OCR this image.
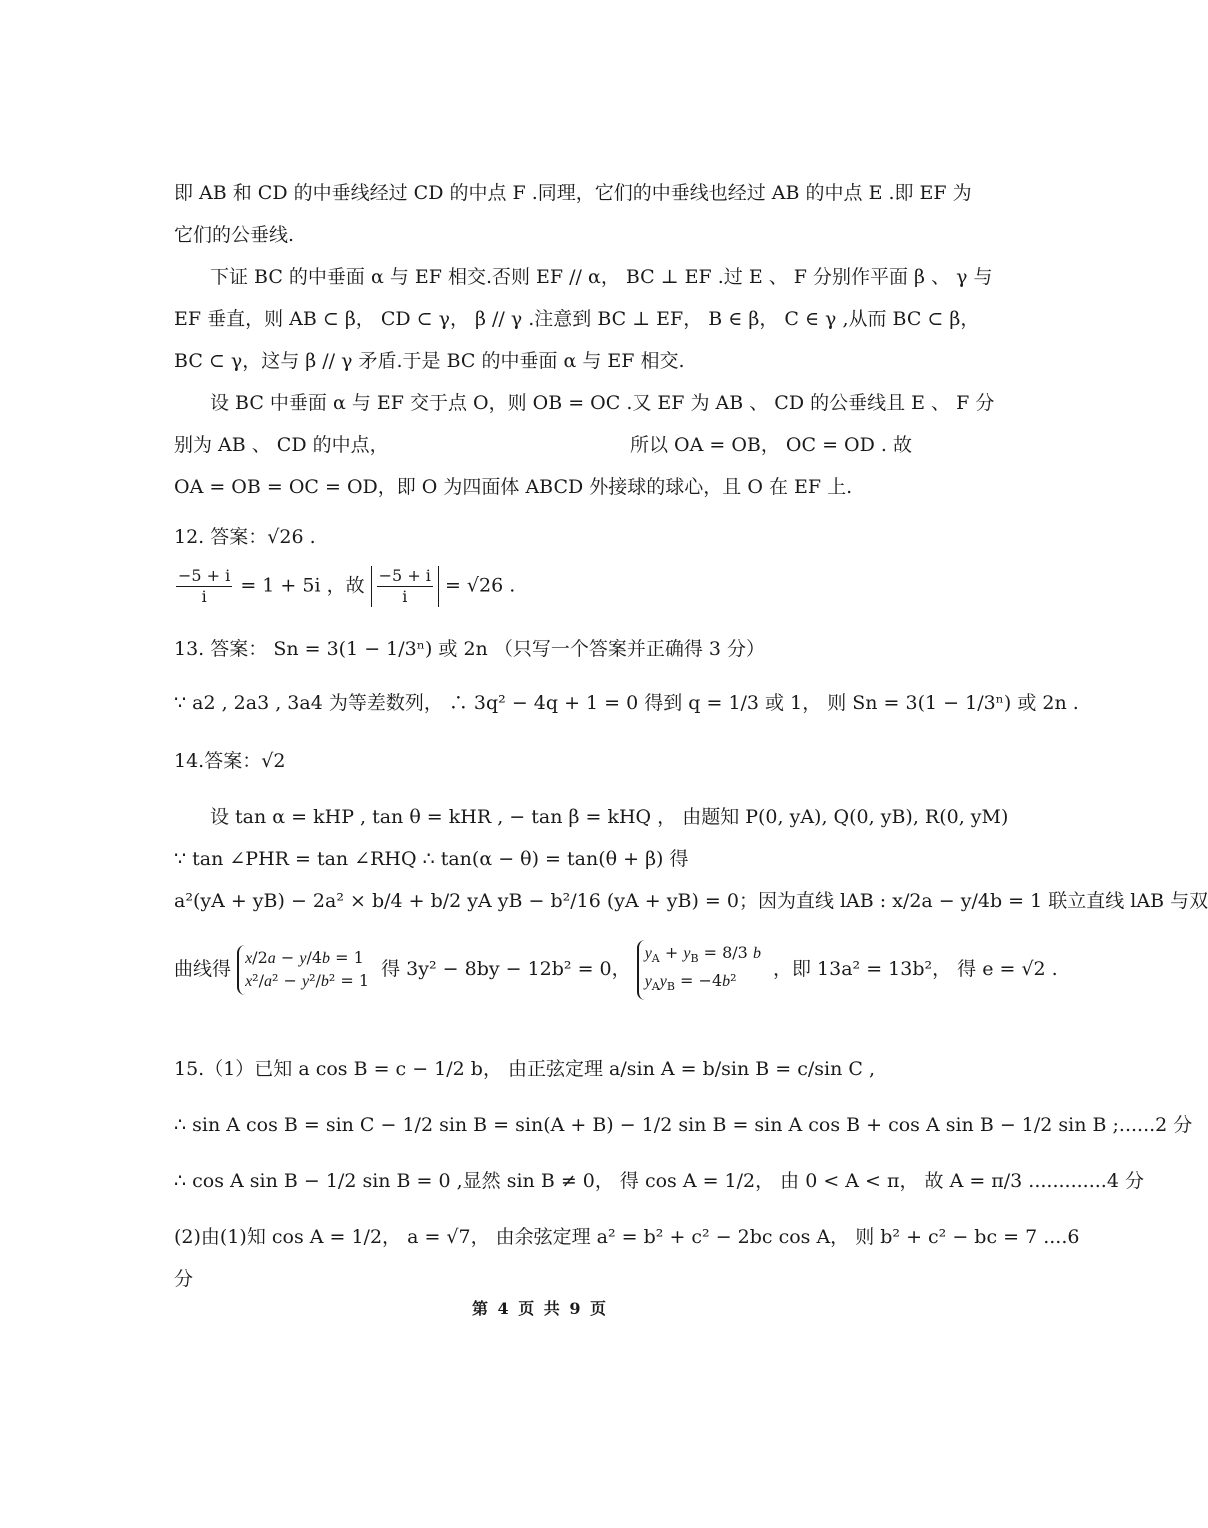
即 AB 和 CD 的中垂线经过 CD 的中点 F .同理，它们的中垂线也经过 AB 的中点 E .即 EF 为
它们的公垂线.
下证 BC 的中垂面 α 与 EF 相交.否则 EF // α， BC ⊥ EF .过 E 、 F 分别作平面 β 、 γ 与
EF 垂直，则 AB ⊂ β， CD ⊂ γ， β // γ .注意到 BC ⊥ EF， B ∈ β， C ∈ γ ,从而 BC ⊂ β，
BC ⊂ γ，这与 β // γ 矛盾.于是 BC 的中垂面 α 与 EF 相交.
设 BC 中垂面 α 与 EF 交于点 O，则 OB = OC .又 EF 为 AB 、 CD 的公垂线且 E 、 F 分
别为 AB 、 CD 的中点，	所以 OA = OB， OC = OD . 故
OA = OB = OC = OD，即 O 为四面体 ABCD 外接球的球心，且 O 在 EF 上.
12. 答案：√26 .
$\frac{-5 + i}{i} = 1 + 5i$ ，故 $\frac{-5 + i}{i} = √26$ .
13. 答案： Sn = 3(1 − 1/3ⁿ) 或 2n （只写一个答案并正确得 3 分）
∵ a2 , 2a3 , 3a4 为等差数列， ∴ 3q² − 4q + 1 = 0 得到 q = 1/3 或 1， 则 Sn = 3(1 − 1/3ⁿ) 或 2n .
14.答案：√2
设 tan α = kHP , tan θ = kHR , − tan β = kHQ ， 由题知 P(0, yA), Q(0, yB), R(0, yM)
∵ tan ∠PHR = tan ∠RHQ ∴ tan(α − θ) = tan(θ + β) 得
a²(yA + yB) − 2a² × b/4 + b/2 yA yB − b²/16 (yA + yB) = 0；因为直线 lAB : x/2a − y/4b = 1 联立直线 lAB 与双
曲线得 x/2a − y/4b = 1
x²/a² − y²/b² = 1
得 3y² − 8by − 12b² = 0，
$y_A + y_B = 8/3$ b
$y_Ay_B = -4b^2$
，即 13a² = 13b²， 得 e = √2 .
15.（1）已知 a cos B = c − 1/2 b， 由正弦定理 a/sin A = b/sin B = c/sin C ,
∴ sin A cos B = sin C − 1/2 sin B = sin(A + B) − 1/2 sin B = sin A cos B + cos A sin B − 1/2 sin B ;......2 分
∴ cos A sin B − 1/2 sin B = 0 ,显然 sin B ≠ 0， 得 cos A = 1/2， 由 0 < A < π， 故 A = π/3 .............4 分
(2)由(1)知 cos A = 1/2， a = √7， 由余弦定理 a² = b² + c² − 2bc cos A， 则 b² + c² − bc = 7 ....6
分
第 4 页 共 9 页
